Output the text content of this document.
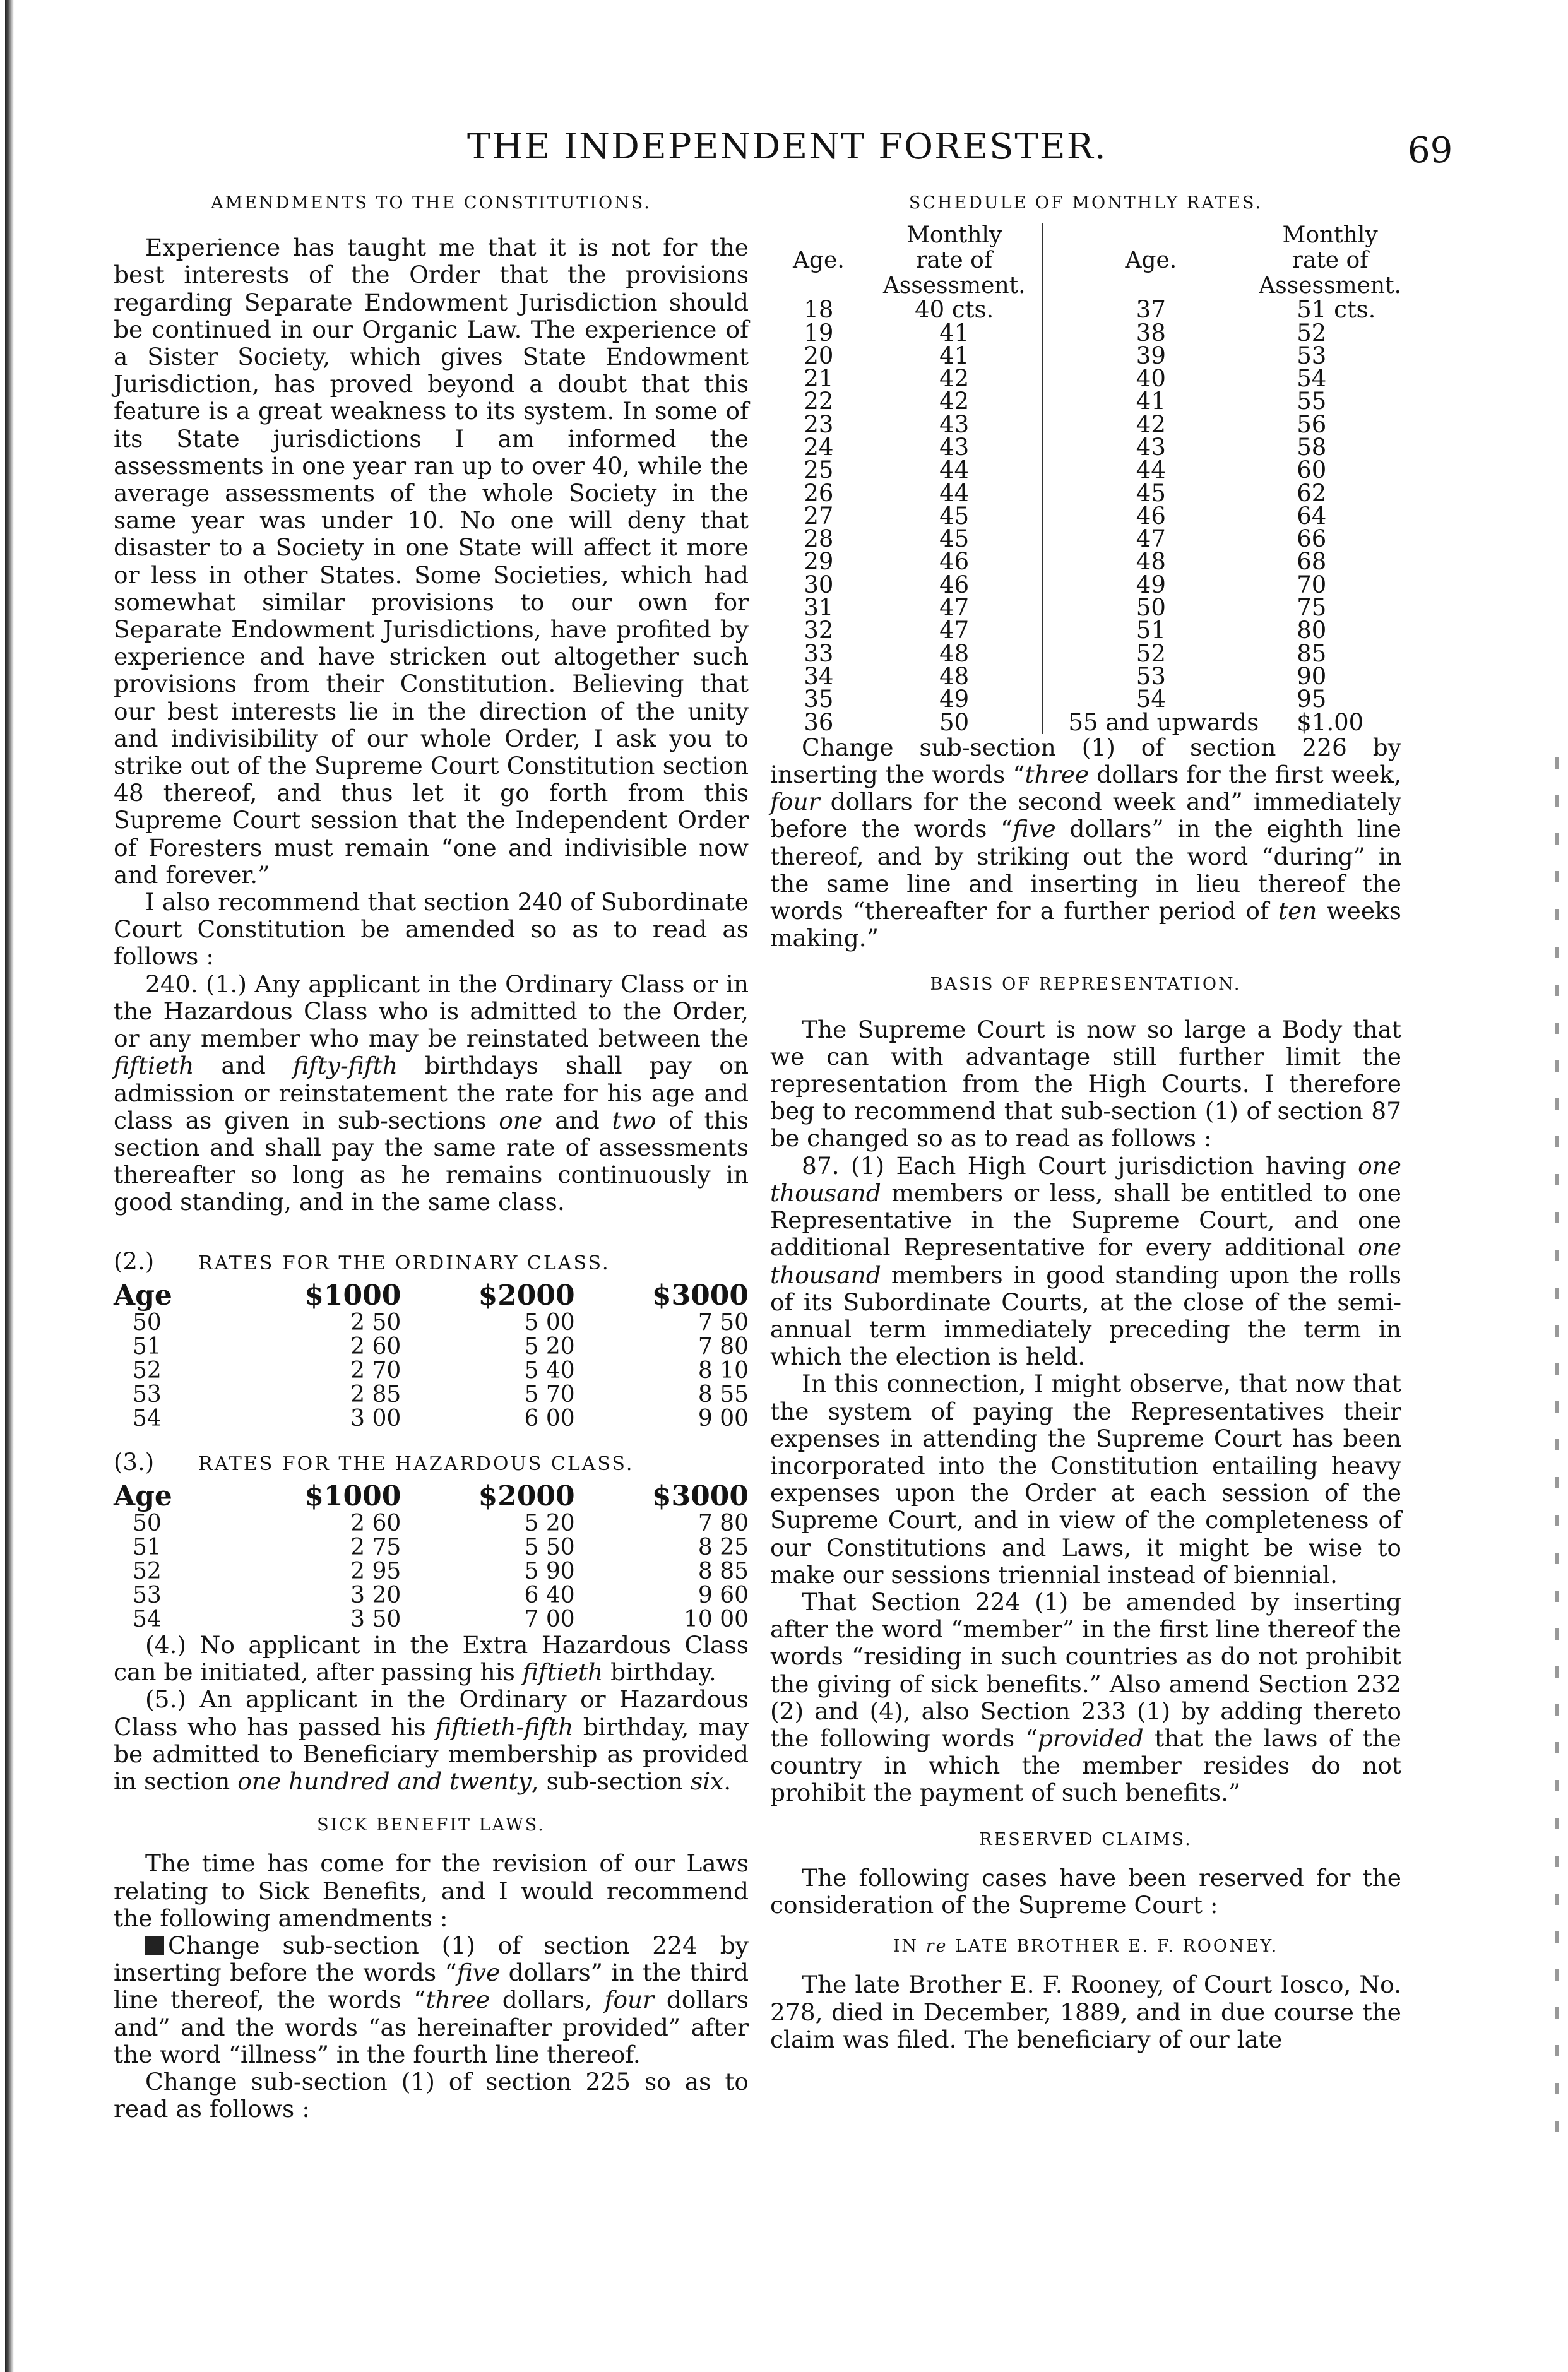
THE INDEPENDENT FORESTER.	69
AMENDMENTS TO THE CONSTITUTIONS.

Experience has taught me that it is not for the best interests of the Order that the provisions regarding Separate Endowment Jurisdiction should be continued in our Organic Law. The experience of a Sister Society, which gives State Endowment Jurisdiction, has proved beyond a doubt that this feature is a great weakness to its system. In some of its State jurisdictions I am informed the assessments in one year ran up to over 40, while the average assessments of the whole Society in the same year was under 10. No one will deny that disaster to a Society in one State will affect it more or less in other States. Some Societies, which had somewhat similar provisions to our own for Separate Endowment Jurisdictions, have profited by experience and have stricken out altogether such provisions from their Constitution. Believing that our best interests lie in the direction of the unity and indivisibility of our whole Order, I ask you to strike out of the Supreme Court Constitution section 48 thereof, and thus let it go forth from this Supreme Court session that the Independent Order of Foresters must remain “one and indivisible now and forever.”

I also recommend that section 240 of Subordinate Court Constitution be amended so as to read as follows :

240. (1.) Any applicant in the Ordinary Class or in the Hazardous Class who is admitted to the Order, or any member who may be reinstated between the fiftieth and fifty-fifth birthdays shall pay on admission or reinstatement the rate for his age and class as given in sub-sections one and two of this section and shall pay the same rate of assessments thereafter so long as he remains continuously in good standing, and in the same class.

(2.) RATES FOR THE ORDINARY CLASS.
Age	$1000	$2000	$3000
50	2 50	5 00	7 50
51	2 60	5 20	7 80
52	2 70	5 40	8 10
53	2 85	5 70	8 55
54	3 00	6 00	9 00
(3.) RATES FOR THE HAZARDOUS CLASS.
Age	$1000	$2000	$3000
50	2 60	5 20	7 80
51	2 75	5 50	8 25
52	2 95	5 90	8 85
53	3 20	6 40	9 60
54	3 50	7 00	10 00

(4.) No applicant in the Extra Hazardous Class can be initiated, after passing his fiftieth birthday.

(5.) An applicant in the Ordinary or Hazardous Class who has passed his fiftieth-fifth birthday, may be admitted to Beneficiary membership as provided in section one hundred and twenty, sub-section six.

SICK BENEFIT LAWS.

The time has come for the revision of our Laws relating to Sick Benefits, and I would recommend the following amendments :

Change sub-section (1) of section 224 by inserting before the words “five dollars” in the third line thereof, the words “three dollars, four dollars and” and the words “as hereinafter provided” after the word “illness” in the fourth line thereof.

Change sub-section (1) of section 225 so as to read as follows :

SCHEDULE OF MONTHLY RATES.
Age.	Monthly		Age.	Monthly
	rate of		rate of
	Assessment.		Assessment.
18	40 cts.		37	51 cts.
19	41		38	52
20	41		39	53
21	42		40	54
22	42		41	55
23	43		42	56
24	43		43	58
25	44		44	60
26	44		45	62
27	45		46	64
28	45		47	66
29	46		48	68
30	46		49	70
31	47		50	75
32	47		51	80
33	48		52	85
34	48		53	90
35	49		54	95
36	50		55 and upwards	$1.00

Change sub-section (1) of section 226 by inserting the words “three dollars for the first week, four dollars for the second week and” immediately before the words “five dollars” in the eighth line thereof, and by striking out the word “during” in the same line and inserting in lieu thereof the words “thereafter for a further period of ten weeks making.”

BASIS OF REPRESENTATION.

The Supreme Court is now so large a Body that we can with advantage still further limit the representation from the High Courts. I therefore beg to recommend that sub-section (1) of section 87 be changed so as to read as follows :

87. (1) Each High Court jurisdiction having one thousand members or less, shall be entitled to one Representative in the Supreme Court, and one additional Representative for every additional one thousand members in good standing upon the rolls of its Subordinate Courts, at the close of the semi-annual term immediately preceding the term in which the election is held.

In this connection, I might observe, that now that the system of paying the Representatives their expenses in attending the Supreme Court has been incorporated into the Constitution entailing heavy expenses upon the Order at each session of the Supreme Court, and in view of the completeness of our Constitutions and Laws, it might be wise to make our sessions triennial instead of biennial.

That Section 224 (1) be amended by inserting after the word “member” in the first line thereof the words “residing in such countries as do not prohibit the giving of sick benefits.” Also amend Section 232 (2) and (4), also Section 233 (1) by adding thereto the following words “provided that the laws of the country in which the member resides do not prohibit the payment of such benefits.”

RESERVED CLAIMS.

The following cases have been reserved for the consideration of the Supreme Court :

IN re LATE BROTHER E. F. ROONEY.

The late Brother E. F. Rooney, of Court Iosco, No. 278, died in December, 1889, and in due course the claim was filed. The beneficiary of our late
